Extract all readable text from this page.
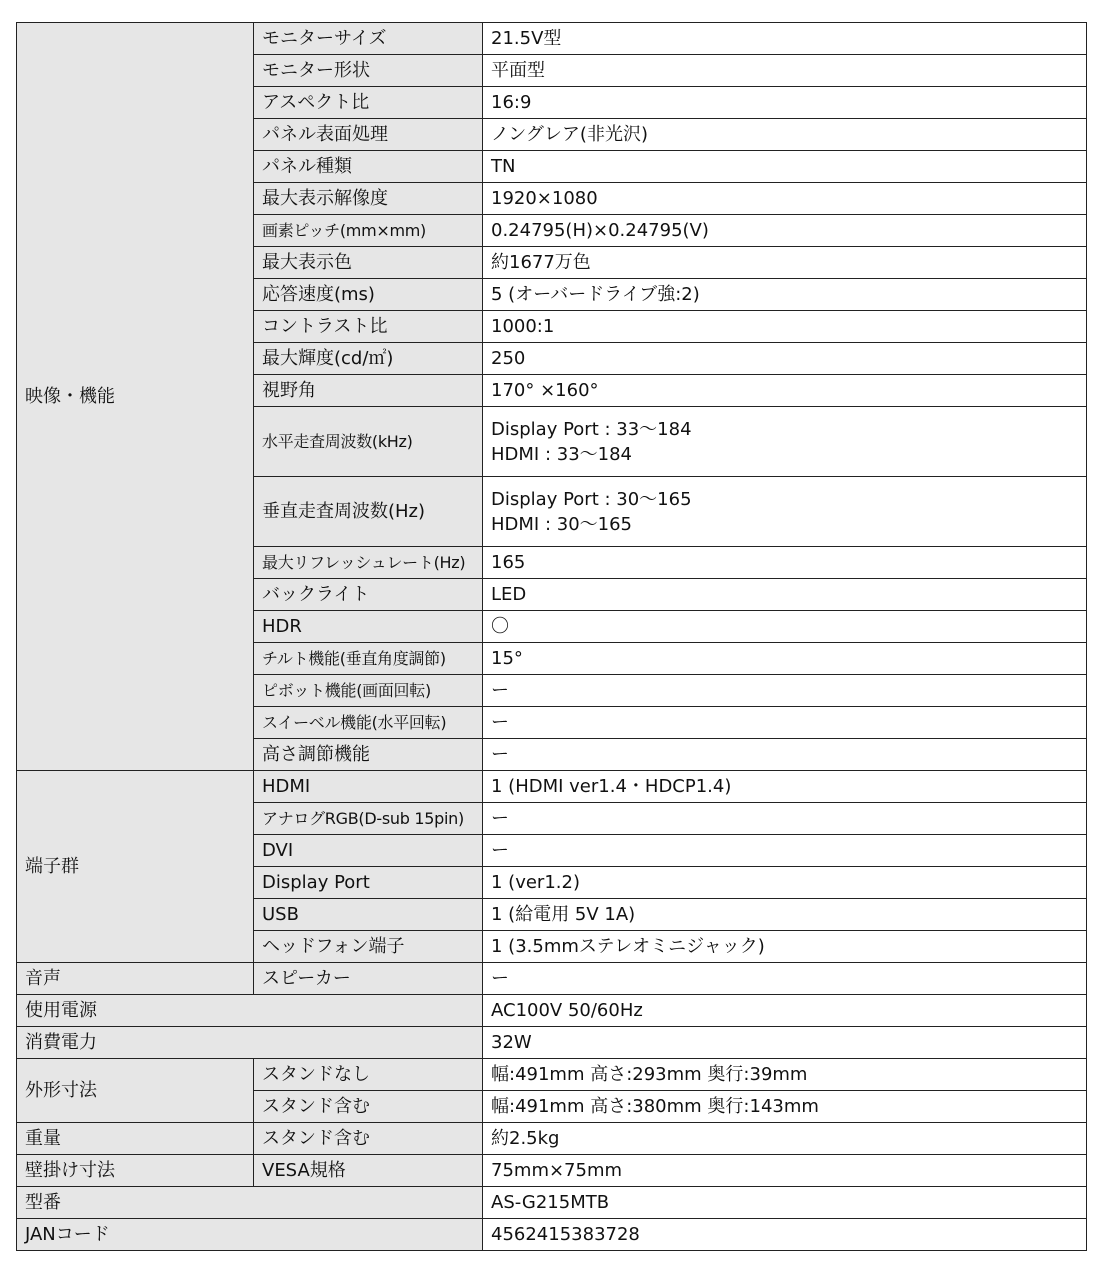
映像・機能	モニターサイズ	21.5V型
	モニター形状	平面型
	アスペクト比	16:9
	パネル表面処理	ノングレア(非光沢)
	パネル種類	TN
	最大表示解像度	1920×1080
	画素ピッチ(mm×mm)	0.24795(H)×0.24795(V)
	最大表示色	約1677万色
	応答速度(ms)	5 (オーバードライブ強:2)
	コントラスト比	1000:1
	最大輝度(cd/㎡)	250
	視野角	170° ×160°
	水平走査周波数(kHz)	Display Port : 33〜184
HDMI : 33〜184

	垂直走査周波数(Hz)	Display Port : 30〜165
HDMI : 30〜165

	最大リフレッシュレート(Hz)	165
	バックライト	LED
	HDR	〇
	チルト機能(垂直角度調節)	15°
	ピボット機能(画面回転)	ー
	スイーベル機能(水平回転)	ー
	高さ調節機能	ー
端子群	HDMI	1 (HDMI ver1.4・HDCP1.4)
	アナログRGB(D-sub 15pin)	ー
	DVI	ー
	Display Port	1 (ver1.2)
	USB	1 (給電用 5V 1A)
	ヘッドフォン端子	1 (3.5mmステレオミニジャック)
音声	スピーカー	ー
使用電源		AC100V 50/60Hz
消費電力		32W
外形寸法	スタンドなし	幅:491mm 高さ:293mm 奥行:39mm
	スタンド含む	幅:491mm 高さ:380mm 奥行:143mm
重量	スタンド含む	約2.5kg
壁掛け寸法	VESA規格	75mm×75mm
型番		AS-G215MTB
JANコード		4562415383728
